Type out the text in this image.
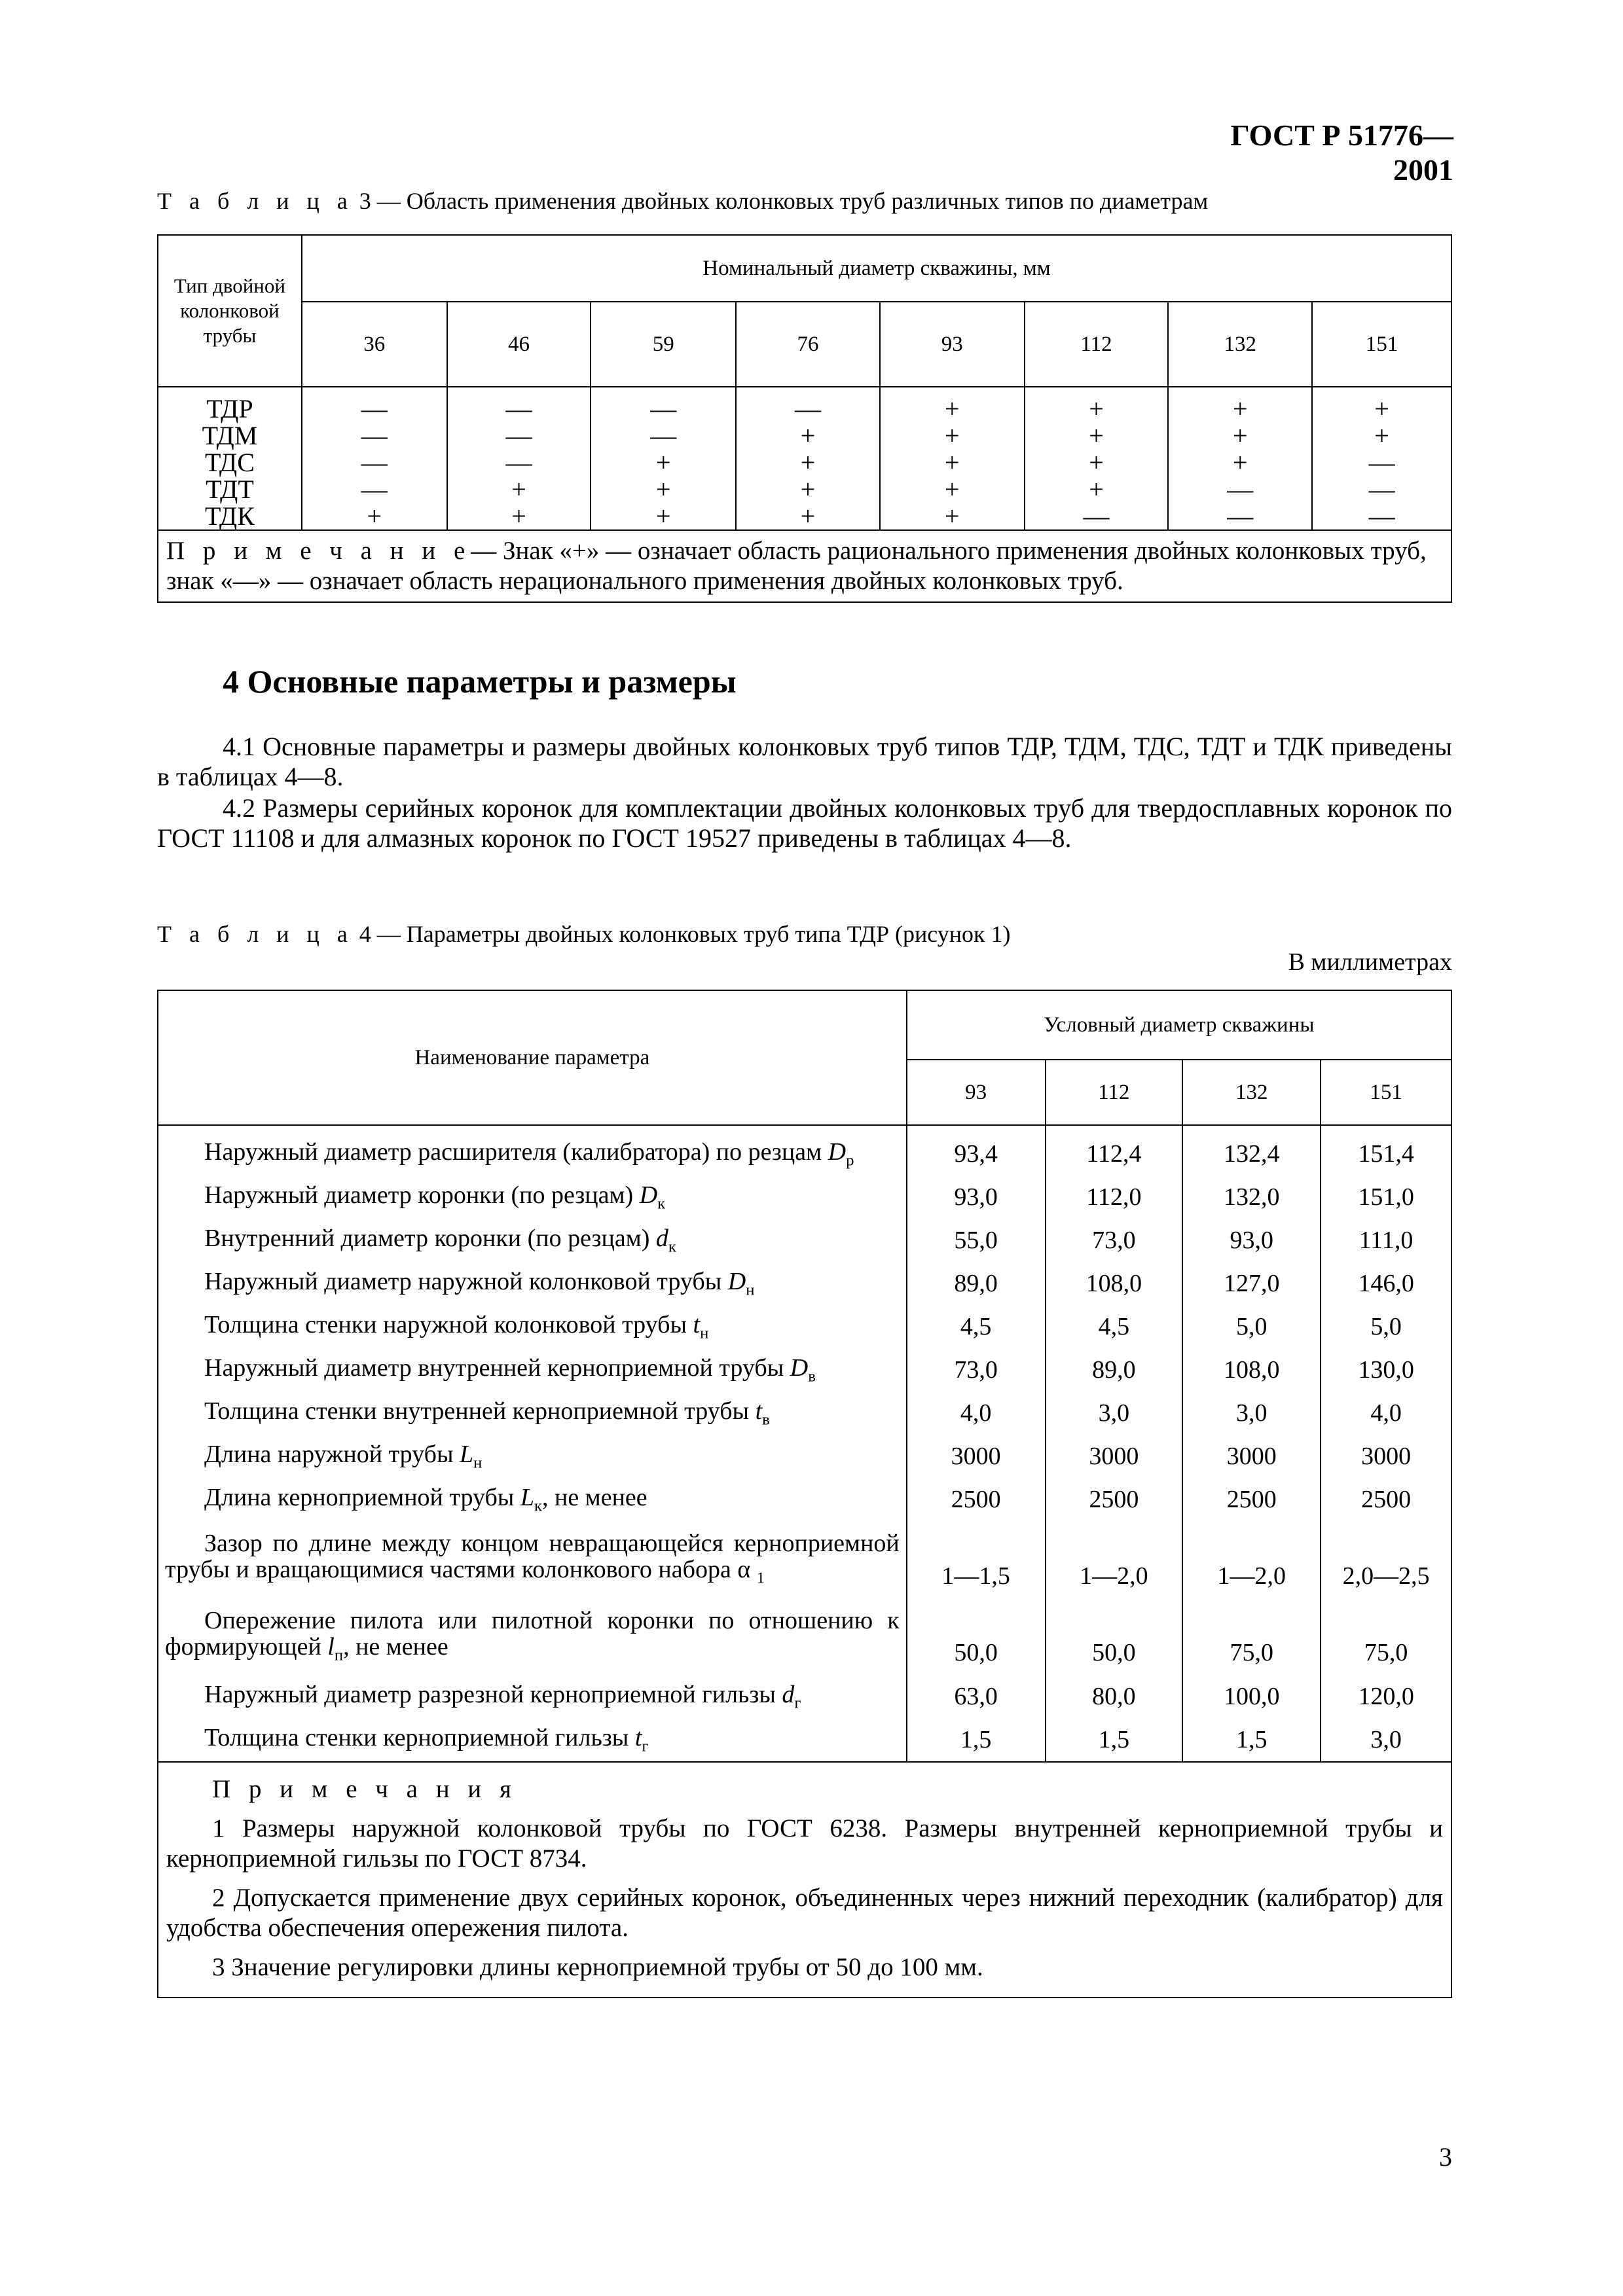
ГОСТ Р 51776—2001
Т а б л и ц а 3 — Область применения двойных колонковых труб различных типов по диаметрам
Тип двойной колонковой трубы	Номинальный диаметр скважины, мм							
	36	46	59	76	93	112	132	151
ТДР	—	—	—	—	+	+	+	+
ТДМ	—	—	—	+	+	+	+	+
ТДС	—	—	+	+	+	+	+	—
ТДТ	—	+	+	+	+	+	—	—
ТДК	+	+	+	+	+	—	—	—
П р и м е ч а н и е— Знак «+» — означает область рационального применения двойных колонковых труб, знак «—» — означает область нерационального применения двойных колонковых труб.								
4 Основные параметры и размеры

4.1 Основные параметры и размеры двойных колонковых труб типов ТДР, ТДМ, ТДС, ТДТ и ТДК приведены в таблицах 4—8.

4.2 Размеры серийных коронок для комплектации двойных колонковых труб для твердосплавных коронок по ГОСТ 11108 и для алмазных коронок по ГОСТ 19527 приведены в таблицах 4—8.

Т а б л и ц а 4 — Параметры двойных колонковых труб типа ТДР (рисунок 1)
В миллиметрах
Наименование параметра	Условный диаметр скважины			
	93	112	132	151
Наружный диаметр расширителя (калибратора) по резцам $D_р$	93,4	112,4	132,4	151,4
Наружный диаметр коронки (по резцам) $D_к$	93,0	112,0	132,0	151,0
Внутренний диаметр коронки (по резцам) $d_к$	55,0	73,0	93,0	111,0
Наружный диаметр наружной колонковой трубы $D_н$	89,0	108,0	127,0	146,0
Толщина стенки наружной колонковой трубы $t_н$	4,5	4,5	5,0	5,0
Наружный диаметр внутренней керноприемной трубы $D_в$	73,0	89,0	108,0	130,0
Толщина стенки внутренней керноприемной трубы $t_в$	4,0	3,0	3,0	4,0
Длина наружной трубы $L_н$	3000	3000	3000	3000
Длина керноприемной трубы $L_к$, не менее	2500	2500	2500	2500
Зазор по длине между концом невращающейся керноприемной трубы и вращающимися частями колонкового набора α $_1$	1—1,5	1—2,0	1—2,0	2,0—2,5
Опережение пилота или пилотной коронки по отношению к формирующей $l_п$, не менее	50,0	50,0	75,0	75,0
Наружный диаметр разрезной керноприемной гильзы $d_г$	63,0	80,0	100,0	120,0
Толщина стенки керноприемной гильзы $t_г$	1,5	1,5	1,5	3,0

П р и м е ч а н и я

1 Размеры наружной колонковой трубы по ГОСТ 6238. Размеры внутренней керноприемной трубы и керноприемной гильзы по ГОСТ 8734.

2 Допускается применение двух серийных коронок, объединенных через нижний переходник (калибратор) для удобства обеспечения опережения пилота.

3 Значение регулировки длины керноприемной трубы от 50 до 100 мм.				

3
